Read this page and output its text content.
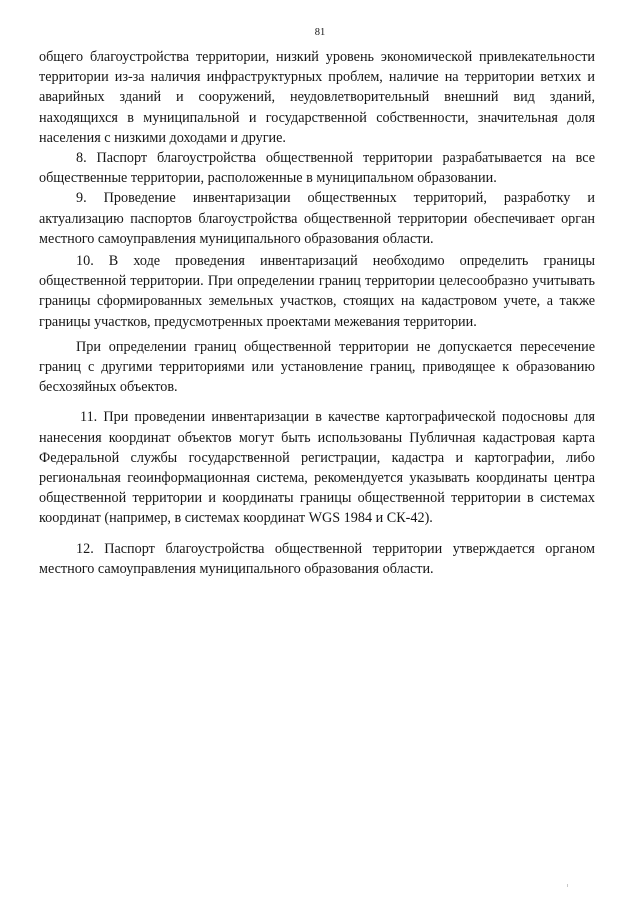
81

общего благоустройства территории, низкий уровень экономической привлекательности территории из-за наличия инфраструктурных проблем, наличие на территории ветхих и аварийных зданий и сооружений, неудовлетворительный внешний вид зданий, находящихся в муниципальной и государственной собственности, значительная доля населения с низкими доходами и другие.

8. Паспорт благоустройства общественной территории разрабатывается на все общественные территории, расположенные в муниципальном образовании.

9. Проведение инвентаризации общественных территорий, разработку и актуализацию паспортов благоустройства общественной территории обеспечивает орган местного самоуправления муниципального образования области.

10. В ходе проведения инвентаризаций необходимо определить границы общественной территории. При определении границ территории целесообразно учитывать границы сформированных земельных участков, стоящих на кадастровом учете, а также границы участков, предусмотренных проектами межевания территории.

При определении границ общественной территории не допускается пересечение границ с другими территориями или установление границ, приводящее к образованию бесхозяйных объектов.

11. При проведении инвентаризации в качестве картографической подосновы для нанесения координат объектов могут быть использованы Публичная кадастровая карта Федеральной службы государственной регистрации, кадастра и картографии, либо региональная геоинформационная система, рекомендуется указывать координаты центра общественной территории и координаты границы общественной территории в системах координат (например, в системах координат WGS 1984 и СК-42).

12. Паспорт благоустройства общественной территории утверждается органом местного самоуправления муниципального образования области.
